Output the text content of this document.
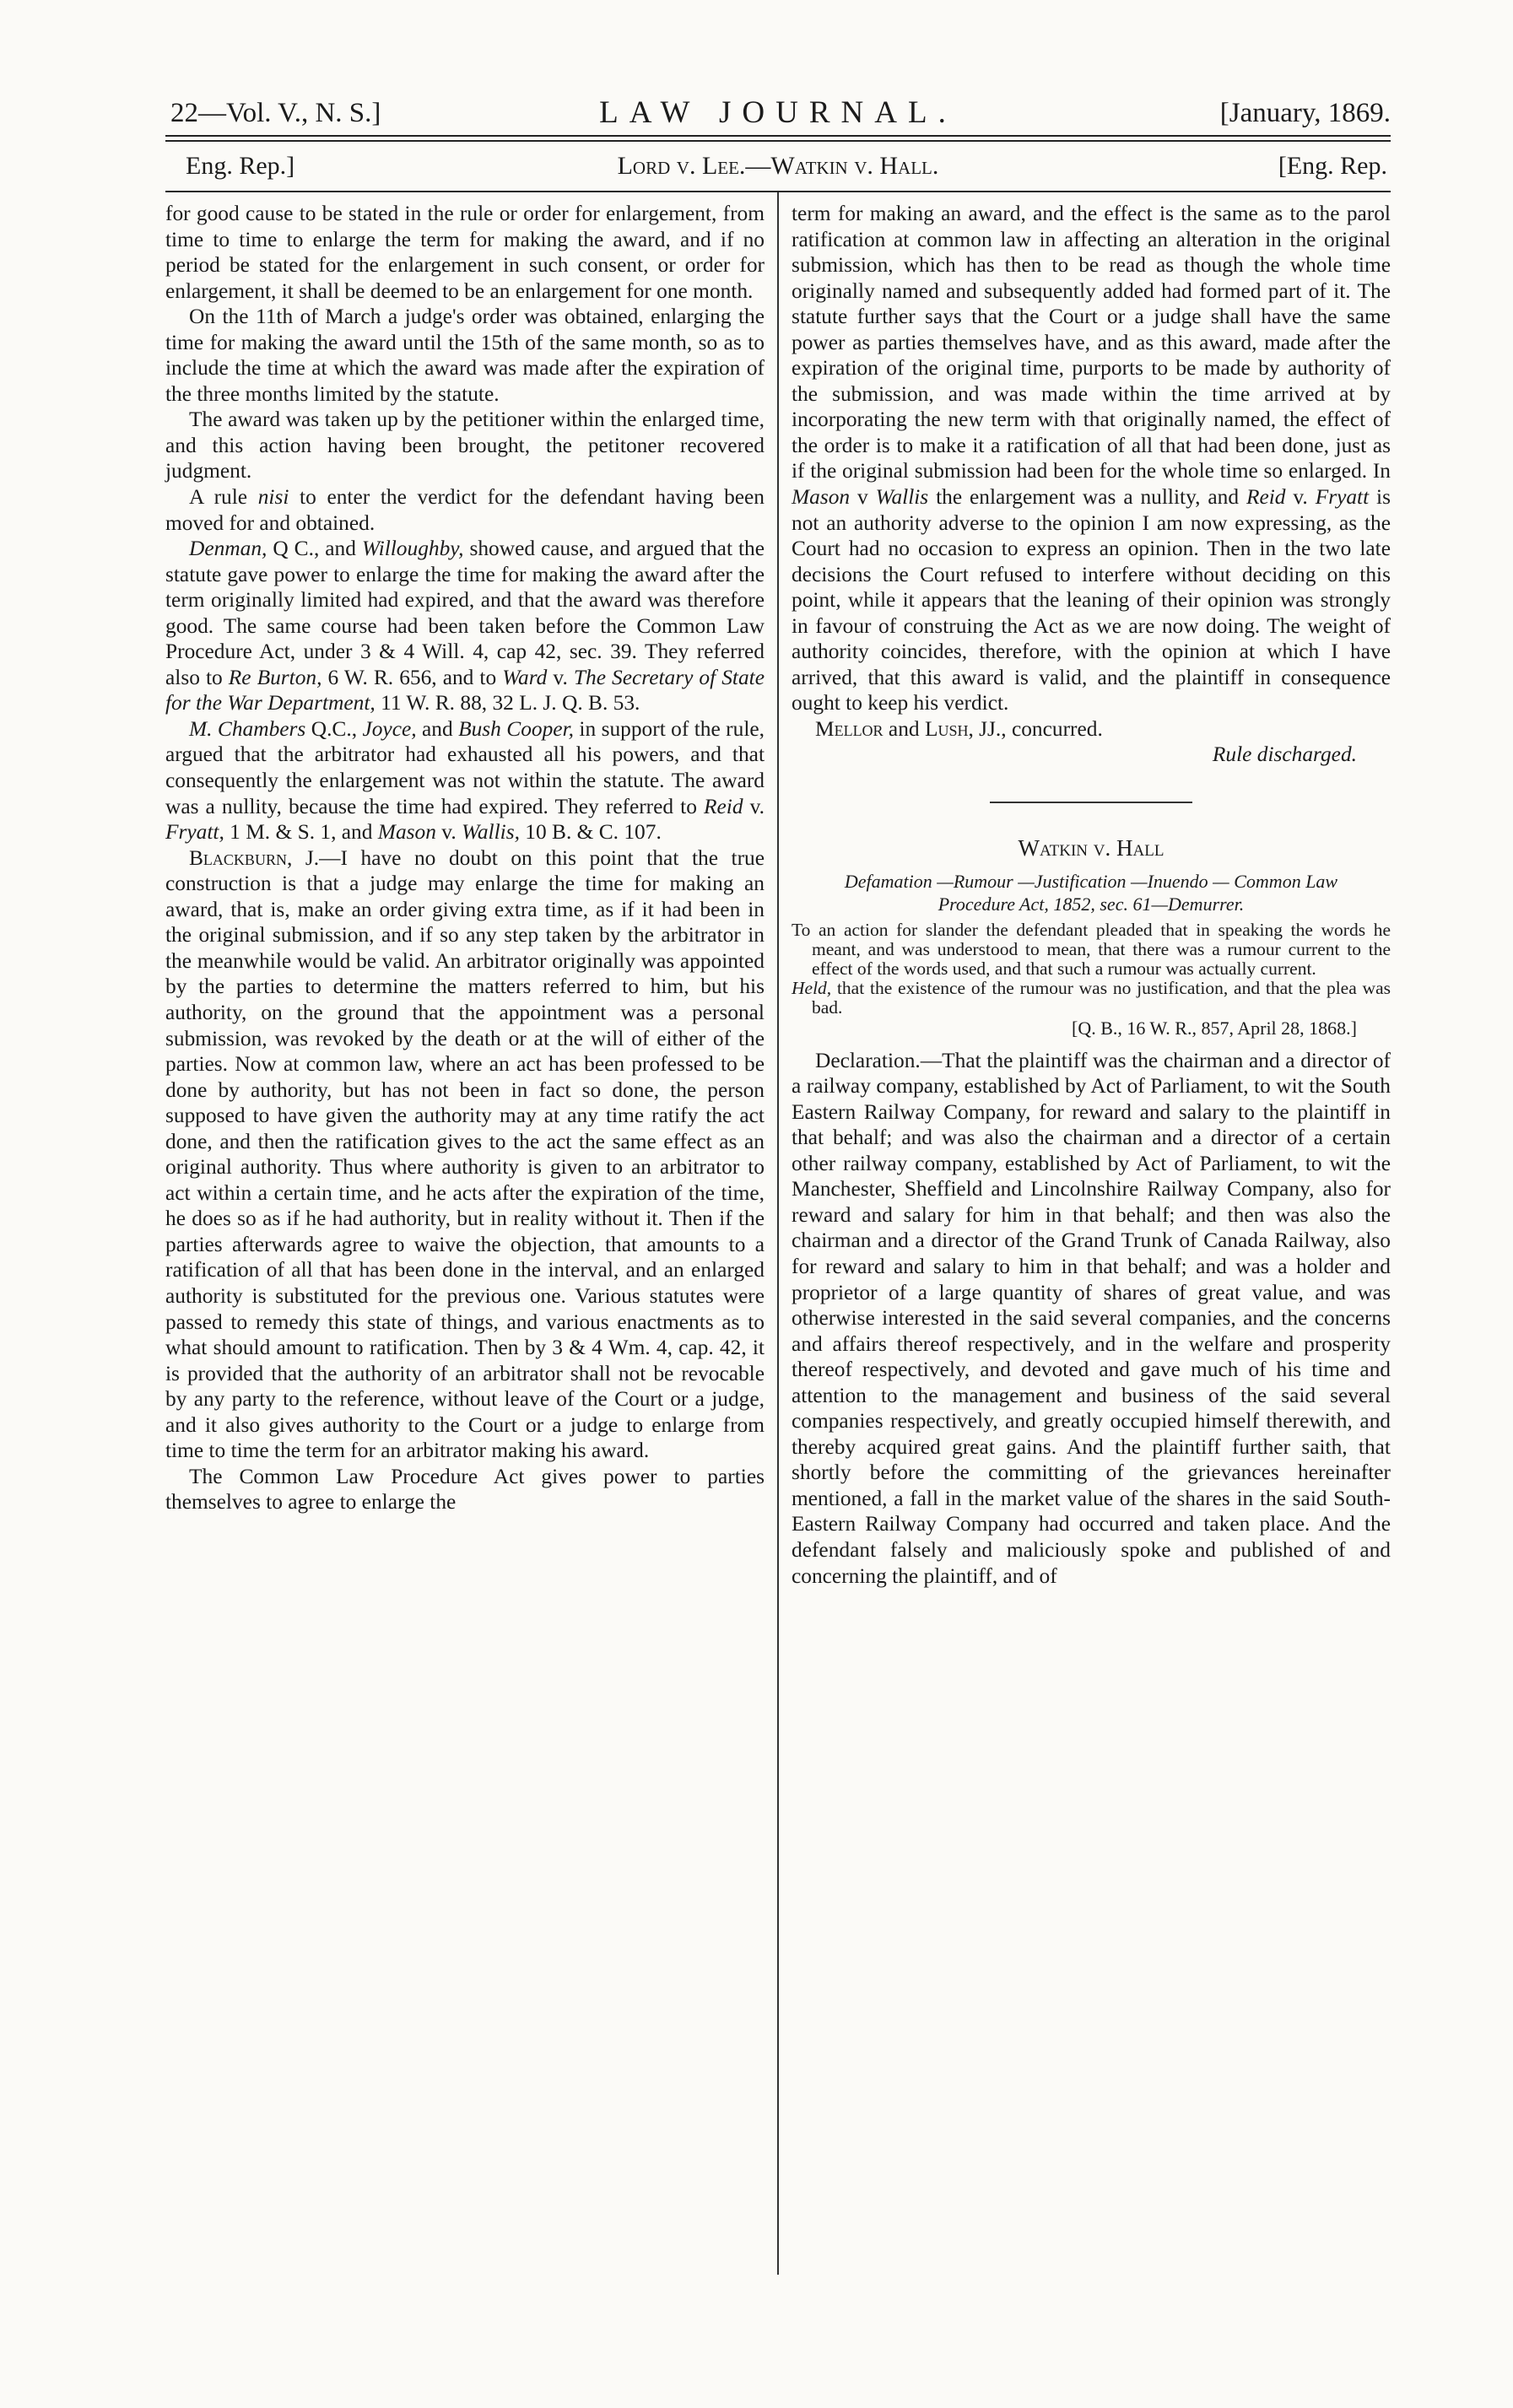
22—Vol. V., N. S.]	LAW JOURNAL.	[January, 1869.
Eng. Rep.]	Lord v. Lee.—Watkin v. Hall.	[Eng. Rep.

for good cause to be stated in the rule or order for enlargement, from time to time to enlarge the term for making the award, and if no period be stated for the enlargement in such consent, or order for enlargement, it shall be deemed to be an enlargement for one month.

On the 11th of March a judge's order was obtained, enlarging the time for making the award until the 15th of the same month, so as to include the time at which the award was made after the expiration of the three months limited by the statute.

The award was taken up by the petitioner within the enlarged time, and this action having been brought, the petitoner recovered judgment.

A rule nisi to enter the verdict for the defendant having been moved for and obtained.

Denman, Q C., and Willoughby, showed cause, and argued that the statute gave power to enlarge the time for making the award after the term originally limited had expired, and that the award was therefore good. The same course had been taken before the Common Law Procedure Act, under 3 & 4 Will. 4, cap 42, sec. 39. They referred also to Re Burton, 6 W. R. 656, and to Ward v. The Secretary of State for the War Department, 11 W. R. 88, 32 L. J. Q. B. 53.

M. Chambers Q.C., Joyce, and Bush Cooper, in support of the rule, argued that the arbitrator had exhausted all his powers, and that consequently the enlargement was not within the statute. The award was a nullity, because the time had expired. They referred to Reid v. Fryatt, 1 M. & S. 1, and Mason v. Wallis, 10 B. & C. 107.

Blackburn, J.—I have no doubt on this point that the true construction is that a judge may enlarge the time for making an award, that is, make an order giving extra time, as if it had been in the original submission, and if so any step taken by the arbitrator in the meanwhile would be valid. An arbitrator originally was appointed by the parties to determine the matters referred to him, but his authority, on the ground that the appointment was a personal submission, was revoked by the death or at the will of either of the parties. Now at common law, where an act has been professed to be done by authority, but has not been in fact so done, the person supposed to have given the authority may at any time ratify the act done, and then the ratification gives to the act the same effect as an original authority. Thus where authority is given to an arbitrator to act within a certain time, and he acts after the expiration of the time, he does so as if he had authority, but in reality without it. Then if the parties afterwards agree to waive the objection, that amounts to a ratification of all that has been done in the interval, and an enlarged authority is substituted for the previous one. Various statutes were passed to remedy this state of things, and various enactments as to what should amount to ratification. Then by 3 & 4 Wm. 4, cap. 42, it is provided that the authority of an arbitrator shall not be revocable by any party to the reference, without leave of the Court or a judge, and it also gives authority to the Court or a judge to enlarge from time to time the term for an arbitrator making his award.

The Common Law Procedure Act gives power to parties themselves to agree to enlarge the

term for making an award, and the effect is the same as to the parol ratification at common law in affecting an alteration in the original submission, which has then to be read as though the whole time originally named and subsequently added had formed part of it. The statute further says that the Court or a judge shall have the same power as parties themselves have, and as this award, made after the expiration of the original time, purports to be made by authority of the submission, and was made within the time arrived at by incorporating the new term with that originally named, the effect of the order is to make it a ratification of all that had been done, just as if the original submission had been for the whole time so enlarged. In Mason v Wallis the enlargement was a nullity, and Reid v. Fryatt is not an authority adverse to the opinion I am now expressing, as the Court had no occasion to express an opinion. Then in the two late decisions the Court refused to interfere without deciding on this point, while it appears that the leaning of their opinion was strongly in favour of construing the Act as we are now doing. The weight of authority coincides, therefore, with the opinion at which I have arrived, that this award is valid, and the plaintiff in consequence ought to keep his verdict.

Mellor and Lush, JJ., concurred.

Rule discharged.

Watkin v. Hall

Defamation —Rumour —Justification —Inuendo — Common Law Procedure Act, 1852, sec. 61—Demurrer.

To an action for slander the defendant pleaded that in speaking the words he meant, and was understood to mean, that there was a rumour current to the effect of the words used, and that such a rumour was actually current.

Held, that the existence of the rumour was no justification, and that the plea was bad.

[Q. B., 16 W. R., 857, April 28, 1868.]

Declaration.—That the plaintiff was the chairman and a director of a railway company, established by Act of Parliament, to wit the South Eastern Railway Company, for reward and salary to the plaintiff in that behalf; and was also the chairman and a director of a certain other railway company, established by Act of Parliament, to wit the Manchester, Sheffield and Lincolnshire Railway Company, also for reward and salary for him in that behalf; and then was also the chairman and a director of the Grand Trunk of Canada Railway, also for reward and salary to him in that behalf; and was a holder and proprietor of a large quantity of shares of great value, and was otherwise interested in the said several companies, and the concerns and affairs thereof respectively, and in the welfare and prosperity thereof respectively, and devoted and gave much of his time and attention to the management and business of the said several companies respectively, and greatly occupied himself therewith, and thereby acquired great gains. And the plaintiff further saith, that shortly before the committing of the grievances hereinafter mentioned, a fall in the market value of the shares in the said South-Eastern Railway Company had occurred and taken place. And the defendant falsely and maliciously spoke and published of and concerning the plaintiff, and of
